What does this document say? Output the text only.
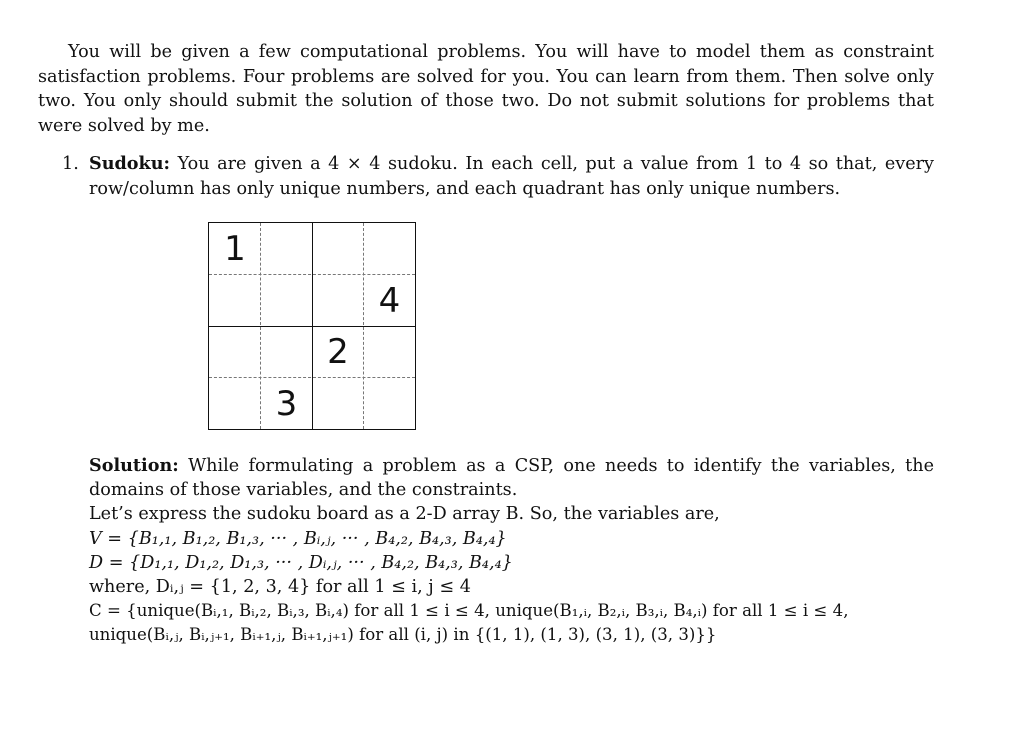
You will be given a few computational problems. You will have to model them as constraint satisfaction problems. Four problems are solved for you. You can learn from them. Then solve only two. You only should submit the solution of those two. Do not submit solutions for problems that were solved by me.

1. Sudoku: You are given a 4 × 4 sudoku. In each cell, put a value from 1 to 4 so that, every row/column has only unique numbers, and each quadrant has only unique numbers.
1
4
2
3

Solution: While formulating a problem as a CSP, one needs to identify the variables, the domains of those variables, and the constraints.

Let’s express the sudoku board as a 2-D array B. So, the variables are,
V = {B₁,₁, B₁,₂, B₁,₃, ··· , Bᵢ,ⱼ, ··· , B₄,₂, B₄,₃, B₄,₄}
D = {D₁,₁, D₁,₂, D₁,₃, ··· , Dᵢ,ⱼ, ··· , B₄,₂, B₄,₃, B₄,₄}
where, Dᵢ,ⱼ = {1, 2, 3, 4} for all 1 ≤ i, j ≤ 4
C = {unique(Bᵢ,₁, Bᵢ,₂, Bᵢ,₃, Bᵢ,₄) for all 1 ≤ i ≤ 4, unique(B₁,ᵢ, B₂,ᵢ, B₃,ᵢ, B₄,ᵢ) for all 1 ≤ i ≤ 4,
unique(Bᵢ,ⱼ, Bᵢ,ⱼ₊₁, Bᵢ₊₁,ⱼ, Bᵢ₊₁,ⱼ₊₁) for all (i, j) in {(1, 1), (1, 3), (3, 1), (3, 3)}}
